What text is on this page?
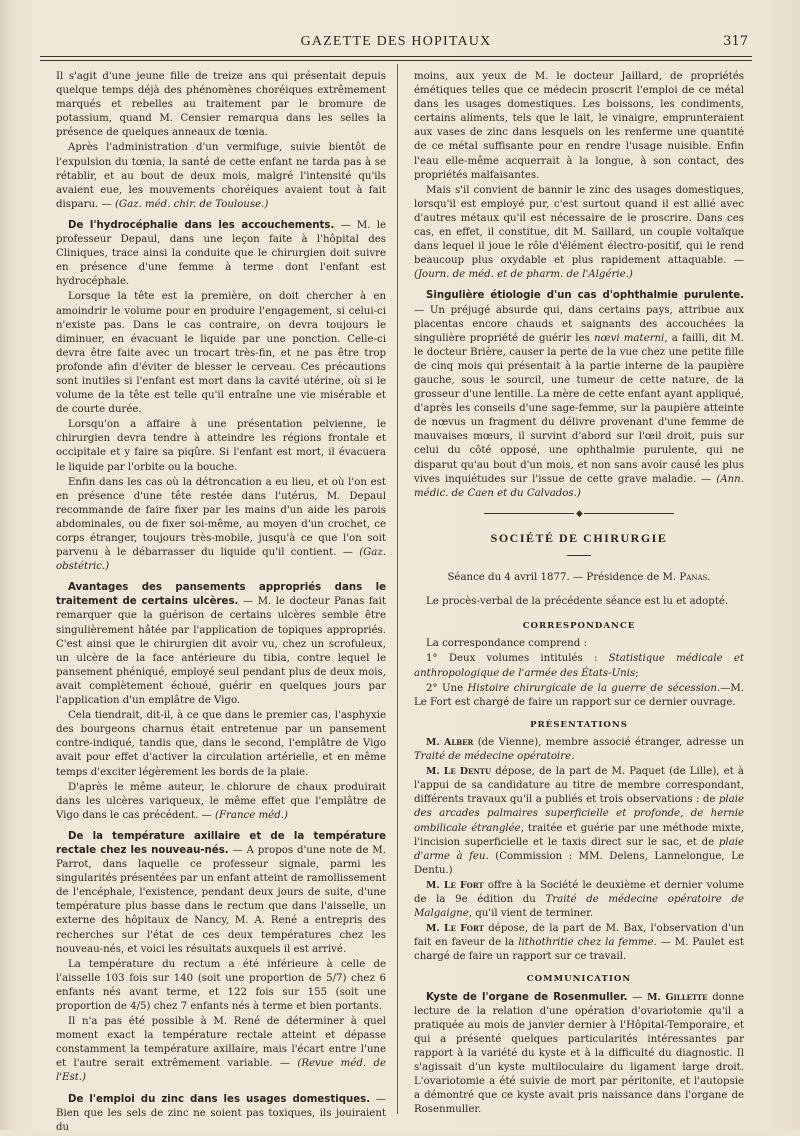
GAZETTE DES HOPITAUX	317

Il s'agit d'une jeune fille de treize ans qui présentait depuis quelque temps déjà des phénomènes choréiques extrêmement marqués et rebelles au traitement par le bromure de potassium, quand M. Censier remarqua dans les selles la présence de quelques anneaux de tœnia.

Après l'administration d'un vermifuge, suivie bientôt de l'expulsion du tœnia, la santé de cette enfant ne tarda pas à se rétablir, et au bout de deux mois, malgré l'intensité qu'ils avaient eue, les mouvements choréiques avaient tout à fait disparu. — (Gaz. méd. chir. de Toulouse.)

De l'hydrocéphalie dans les accouchements. — M. le professeur Depaul, dans une leçon faite à l'hôpital des Cliniques, trace ainsi la conduite que le chirurgien doit suivre en présence d'une femme à terme dont l'enfant est hydrocéphale.

Lorsque la tête est la première, on doit chercher à en amoindrir le volume pour en produire l'engagement, si celui-ci n'existe pas. Dans le cas contraire, on devra toujours le diminuer, en évacuant le liquide par une ponction. Celle-ci devra être faite avec un trocart très-fin, et ne pas être trop profonde afin d'éviter de blesser le cerveau. Ces précautions sont inutiles si l'enfant est mort dans la cavité utérine, où si le volume de la tête est telle qu'il entraîne une vie misérable et de courte durée.

Lorsqu'on a affaire à une présentation pelvienne, le chirurgien devra tendre à atteindre les régions frontale et occipitale et y faire sa piqûre. Si l'enfant est mort, il évacuera le liquide par l'orbite ou la bouche.

Enfin dans les cas où la détroncation a eu lieu, et où l'on est en présence d'une tête restée dans l'utérus, M. Depaul recommande de faire fixer par les mains d'un aide les parois abdominales, ou de fixer soi-même, au moyen d'un crochet, ce corps étranger, toujours très-mobile, jusqu'à ce que l'on soit parvenu à le débarrasser du liquide qu'il contient. — (Gaz. obstétric.)

Avantages des pansements appropriés dans le traitement de certains ulcères. — M. le docteur Panas fait remarquer que la guérison de certains ulcères semble être singulièrement hâtée par l'application de topiques appropriés. C'est ainsi que le chirurgien dit avoir vu, chez un scrofuleux, un ulcère de la face antérieure du tibia, contre lequel le pansement phéniqué, employé seul pendant plus de deux mois, avait complètement échoué, guérir en quelques jours par l'application d'un emplâtre de Vigo.

Cela tiendrait, dit-il, à ce que dans le premier cas, l'asphyxie des bourgeons charnus était entretenue par un pansement contre-indiqué, tandis que, dans le second, l'emplâtre de Vigo avait pour effet d'activer la circulation artérielle, et en même temps d'exciter légèrement les bords de la plaie.

D'après le même auteur, le chlorure de chaux produirait dans les ulcères variqueux, le même effet que l'emplâtre de Vigo dans le cas précédent. — (France méd.)

De la température axillaire et de la température rectale chez les nouveau-nés. — A propos d'une note de M. Parrot, dans laquelle ce professeur signale, parmi les singularités présentées par un enfant atteint de ramollissement de l'encéphale, l'existence, pendant deux jours de suite, d'une température plus basse dans le rectum que dans l'aisselle, un externe des hôpitaux de Nancy, M. A. René a entrepris des recherches sur l'état de ces deux températures chez les nouveau-nés, et voici les résultats auxquels il est arrivé.

La température du rectum a été inférieure à celle de l'aisselle 103 fois sur 140 (soit une proportion de 5/7) chez 6 enfants nés avant terme, et 122 fois sur 155 (soit une proportion de 4/5) chez 7 enfants nés à terme et bien portants.

Il n'a pas été possible à M. René de déterminer à quel moment exact la température rectale atteint et dépasse constamment la température axillaire, mais l'écart entre l'une et l'autre serait extrêmement variable. — (Revue méd. de l'Est.)

De l'emploi du zinc dans les usages domestiques. — Bien que les sels de zinc ne soient pas toxiques, ils jouiraient du

moins, aux yeux de M. le docteur Jaillard, de propriétés émétiques telles que ce médecin proscrit l'emploi de ce métal dans les usages domestiques. Les boissons, les condiments, certains aliments, tels que le lait, le vinaigre, emprunteraient aux vases de zinc dans lesquels on les renferme une quantité de ce métal suffisante pour en rendre l'usage nuisible. Enfin l'eau elle-même acquerrait à la longue, à son contact, des propriétés malfaisantes.

Mais s'il convient de bannir le zinc des usages domestiques, lorsqu'il est employé pur, c'est surtout quand il est allié avec d'autres métaux qu'il est nécessaire de le proscrire. Dans ces cas, en effet, il constitue, dit M. Saillard, un couple voltaïque dans lequel il joue le rôle d'élément électro-positif, qui le rend beaucoup plus oxydable et plus rapidement attaquable. — (Journ. de méd. et de pharm. de l'Algérie.)

Singulière étiologie d'un cas d'ophthalmie purulente. — Un préjugé absurde qui, dans certains pays, attribue aux placentas encore chauds et saignants des accouchées la singulière propriété de guérir les nœvi materni, a failli, dit M. le docteur Brière, causer la perte de la vue chez une petite fille de cinq mois qui présentait à la partie interne de la paupière gauche, sous le sourcil, une tumeur de cette nature, de la grosseur d'une lentille. La mère de cette enfant ayant appliqué, d'après les conseils d'une sage-femme, sur la paupière atteinte de nœvus un fragment du délivre provenant d'une femme de mauvaises mœurs, il survint d'abord sur l'œil droit, puis sur celui du côté opposé, une ophthalmie purulente, qui ne disparut qu'au bout d'un mois, et non sans avoir causé les plus vives inquiétudes sur l'issue de cette grave maladie. — (Ann. médic. de Caen et du Calvados.)

◆
SOCIÉTÉ DE CHIRURGIE
Séance du 4 avril 1877. — Présidence de M. Panas.

Le procès-verbal de la précédente séance est lu et adopté.

CORRESPONDANCE

La correspondance comprend :

1° Deux volumes intitulés : Statistique médicale et anthropologique de l'armée des États-Unis;

2° Une Histoire chirurgicale de la guerre de sécession.—M. Le Fort est chargé de faire un rapport sur ce dernier ouvrage.

PRÉSENTATIONS

M. Alber (de Vienne), membre associé étranger, adresse un Traité de médecine opératoire.

M. Le Dentu dépose, de la part de M. Paquet (de Lille), et à l'appui de sa candidature au titre de membre correspondant, différents travaux qu'il a publiés et trois observations : de plaie des arcades palmaires superficielle et profonde, de hernie ombilicale étranglée, traitée et guérie par une méthode mixte, l'incision superficielle et le taxis direct sur le sac, et de plaie d'arme à feu. (Commission : MM. Delens, Lannelongue, Le Dentu.)

M. Le Fort offre à la Société le deuxième et dernier volume de la 9e édition du Traité de médecine opératoire de Malgaigne, qu'il vient de terminer.

M. Le Fort dépose, de la part de M. Bax, l'observation d'un fait en faveur de la lithothritie chez la femme. — M. Paulet est chargé de faire un rapport sur ce travail.

COMMUNICATION

Kyste de l'organe de Rosenmuller. — M. Gillette donne lecture de la relation d'une opération d'ovariotomie qu'il a pratiquée au mois de janvier dernier à l'Hôpital-Temporaire, et qui a présenté quelques particularités intéressantes par rapport à la variété du kyste et à la difficulté du diagnostic. Il s'agissait d'un kyste multiloculaire du ligament large droit. L'ovariotomie a été suivie de mort par péritonite, et l'autopsie a démontré que ce kyste avait pris naissance dans l'organe de Rosenmuller.
